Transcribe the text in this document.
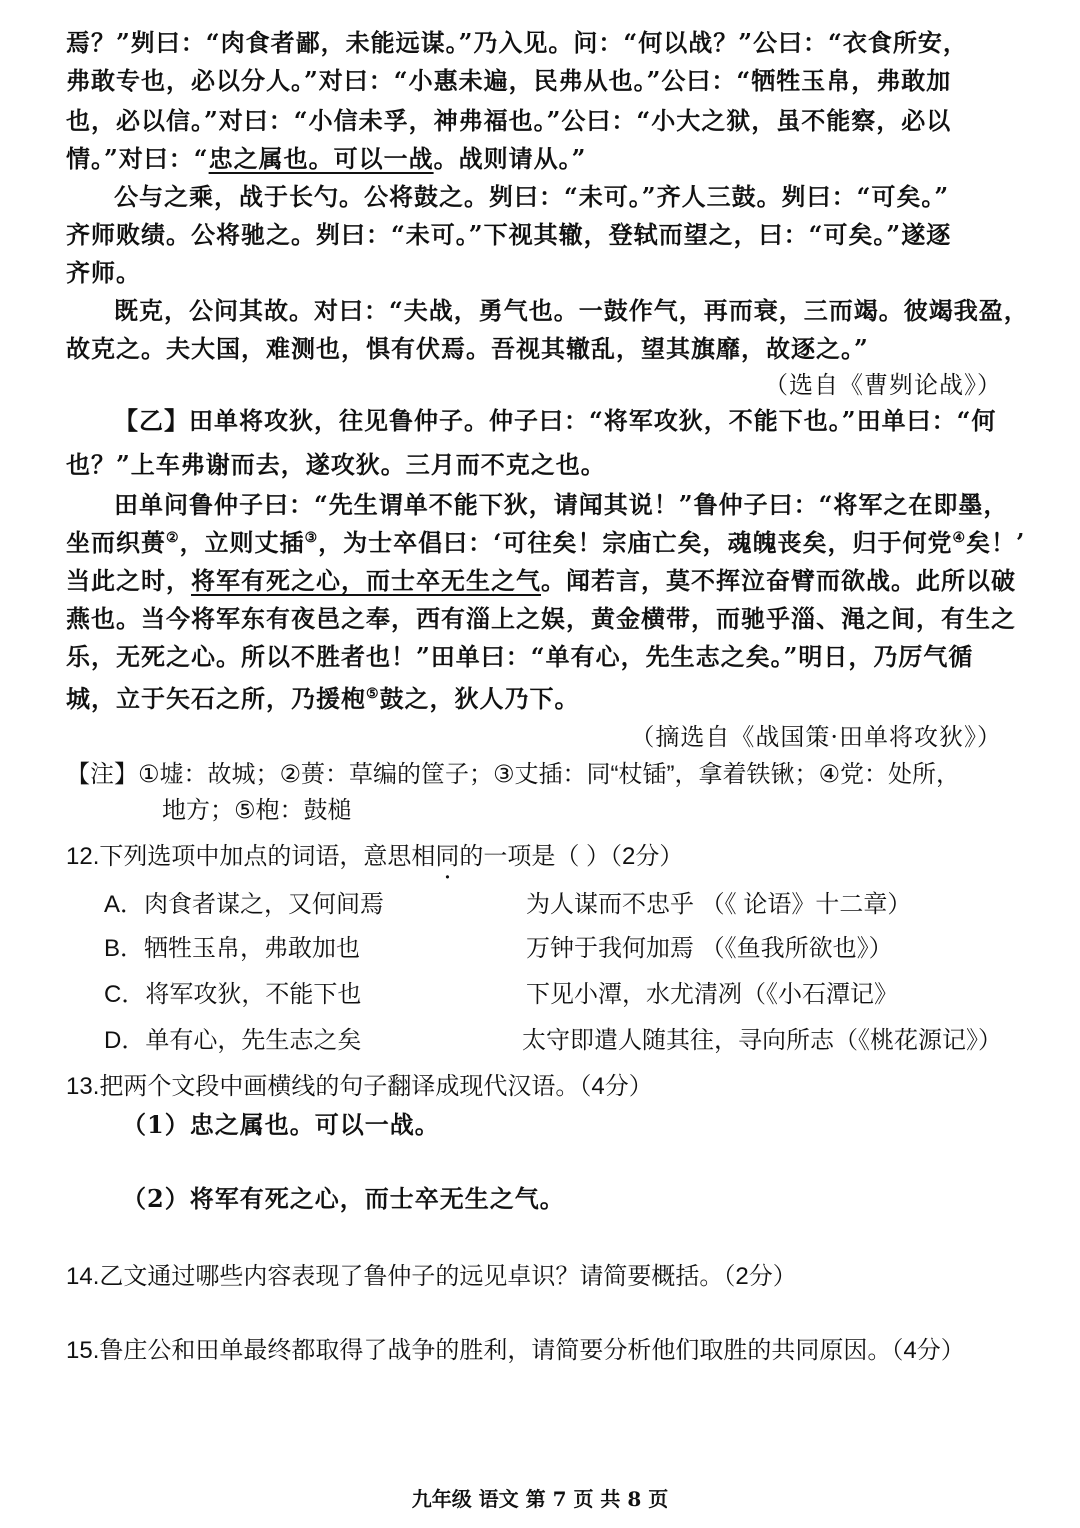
焉？”刿曰：“肉食者鄙，未能远谋。”乃入见。问：“何以战？”公曰：“衣食所安，
弗敢专也，必以分人。”对曰：“小惠未遍，民弗从也。”公曰：“牺牲玉帛，弗敢加
也，必以信。”对曰：“小信未孚，神弗福也。”公曰：“小大之狱，虽不能察，必以
情。”对曰：“忠之属也。可以一战。战则请从。”
公与之乘，战于长勺。公将鼓之。刿曰：“未可。”齐人三鼓。刿曰：“可矣。”
齐师败绩。公将驰之。刿曰：“未可。”下视其辙，登轼而望之，曰：“可矣。”遂逐
齐师。
既克，公问其故。对曰：“夫战，勇气也。一鼓作气，再而衰，三而竭。彼竭我盈，
故克之。夫大国，难测也，惧有伏焉。吾视其辙乱，望其旗靡，故逐之。”
（选自《曹刿论战》）
【乙】田单将攻狄，往见鲁仲子。仲子曰：“将军攻狄，不能下也。”田单曰：“何
也？”上车弗谢而去，遂攻狄。三月而不克之也。
田单问鲁仲子曰：“先生谓单不能下狄，请闻其说！”鲁仲子曰：“将军之在即墨，
坐而织蒉②，立则丈插③，为士卒倡曰：‘可往矣！宗庙亡矣，魂魄丧矣，归于何党④矣！’
当此之时，将军有死之心，而士卒无生之气。闻若言，莫不挥泣奋臂而欲战。此所以破
燕也。当今将军东有夜邑之奉，西有淄上之娱，黄金横带，而驰乎淄、渑之间，有生之
乐，无死之心。所以不胜者也！”田单曰：“单有心，先生志之矣。”明日，乃厉气循
城，立于矢石之所，乃援枹⑤鼓之，狄人乃下。
（摘选自《战国策·田单将攻狄》）
【注】①墟：故城；②蒉：草编的筐子；③丈插：同“杖锸”，拿着铁锹；④党：处所，
地方；⑤枹：鼓槌
12.下列选项中加点的词语，意思相同的一项是（ ）（2分）
A．肉食者谋之，又何间焉	为人谋而不忠乎 （《 论语》十二章）
B．牺牲玉帛，弗敢加也	万钟于我何加焉 （《鱼我所欲也》）
C．将军攻狄，不能下也	下见小潭，水尤清冽（《小石潭记》
D．单有心，先生志之矣	太守即遣人随其往，寻向所志（《桃花源记》）
13.把两个文段中画横线的句子翻译成现代汉语。（4分）
（1）忠之属也。可以一战。
（2）将军有死之心，而士卒无生之气。
14.乙文通过哪些内容表现了鲁仲子的远见卓识？请简要概括。（2分）
15.鲁庄公和田单最终都取得了战争的胜利，请简要分析他们取胜的共同原因。（4分）
九年级 语文 第 7 页 共 8 页
